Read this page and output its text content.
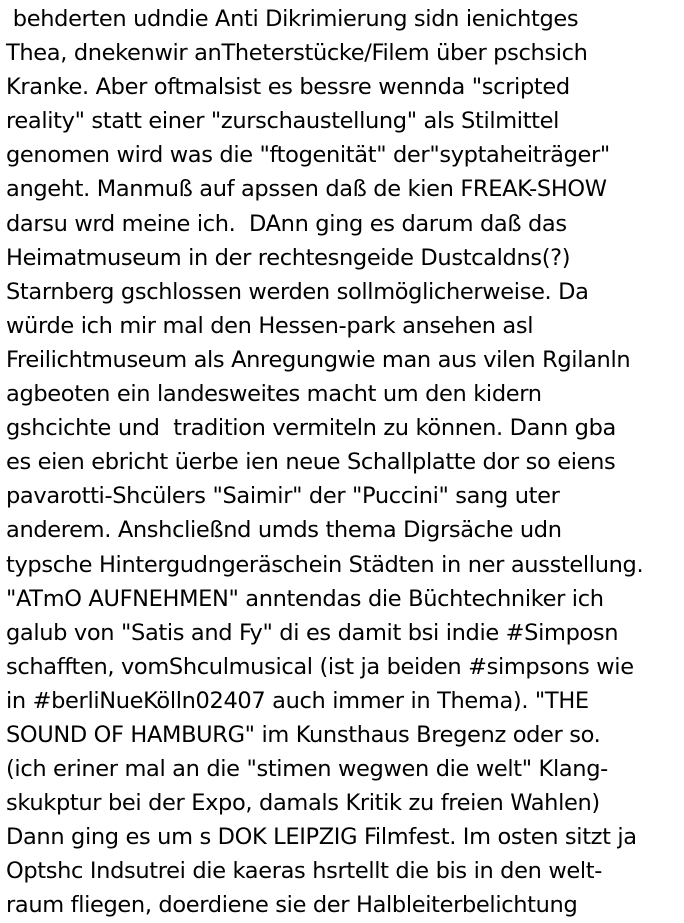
behderten udndie Anti Dikrimierung sidn ienichtges
Thea, dnekenwir anTheterstücke/Filem über pschsich
Kranke. Aber oftmalsist es bessre wennda "scripted
reality" statt einer "zurschaustellung" als Stilmittel
genomen wird was die "ftogenität" der"syptaheiträger"
angeht. Manmuß auf apssen daß de kien FREAK-SHOW
darsu wrd meine ich.  DAnn ging es darum daß das
Heimatmuseum in der rechtesngeide Dustcaldns(?)
Starnberg gschlossen werden sollmöglicherweise. Da
würde ich mir mal den Hessen-park ansehen asl
Freilichtmuseum als Anregungwie man aus vilen Rgilanln
agbeoten ein landesweites macht um den kidern
gshcichte und  tradition vermiteln zu können. Dann gba
es eien ebricht üerbe ien neue Schallplatte dor so eiens
pavarotti-Shcülers "Saimir" der "Puccini" sang uter
anderem. Anshcließnd umds thema Digrsäche udn
typsche Hintergudngeräschein Städten in ner ausstellung.
"ATmO AUFNEHMEN" anntendas die Büchtechniker ich
galub von "Satis and Fy" di es damit bsi indie #Simposn
schafften, vomShculmusical (ist ja beiden #simpsons wie
in #berliNueKölln02407 auch immer in Thema). "THE
SOUND OF HAMBURG" im Kunsthaus Bregenz oder so.
(ich eriner mal an die "stimen wegwen die welt" Klang-
skukptur bei der Expo, damals Kritik zu freien Wahlen)
Dann ging es um s DOK LEIPZIG Filmfest. Im osten sitzt ja
Optshc Indsutrei die kaeras hsrtellt die bis in den welt-
raum fliegen, doerdiene sie der Halbleiterbelichtung
